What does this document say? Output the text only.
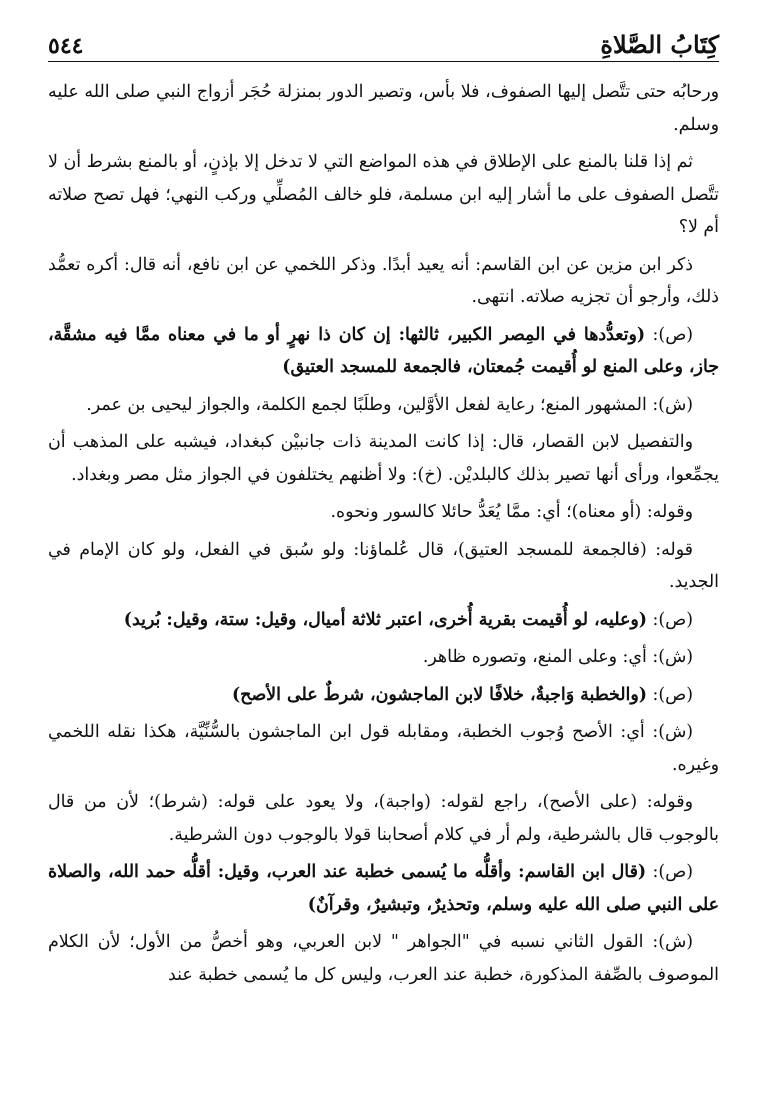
كِتَابُ الصَّلاةِ
٥٤٤

ورحابُه حتى تتَّصل إليها الصفوف، فلا بأس، وتصير الدور بمنزلة حُجَر أزواج النبي صلى الله عليه وسلم.

ثم إذا قلنا بالمنع على الإطلاق في هذه المواضع التي لا تدخل إلا بإذنٍ، أو بالمنع بشرط أن لا تتَّصل الصفوف على ما أشار إليه ابن مسلمة، فلو خالف المُصلِّي وركب النهي؛ فهل تصح صلاته أم لا؟

ذكر ابن مزين عن ابن القاسم: أنه يعيد أبدًا. وذكر اللخمي عن ابن نافع، أنه قال: أكره تعمُّد ذلك، وأرجو أن تجزيه صلاته. انتهى.

(ص): (وتعدُّدها في المِصر الكبير، ثالثها: إن كان ذا نهرٍ أو ما في معناه ممَّا فيه مشقَّة، جاز، وعلى المنع لو أُقيمت جُمعتان، فالجمعة للمسجد العتيق)

(ش): المشهور المنع؛ رعاية لفعل الأوَّلين، وطلَبًا لجمع الكلمة، والجواز ليحيى بن عمر.

والتفصيل لابن القصار، قال: إذا كانت المدينة ذات جانبيْن كبغداد، فيشبه على المذهب أن يجمِّعوا، ورأى أنها تصير بذلك كالبلديْن. (خ): ولا أظنهم يختلفون في الجواز مثل مصر وبغداد.

وقوله: (أو معناه)؛ أي: ممَّا يُعَدُّ حائلا كالسور ونحوه.

قوله: (فالجمعة للمسجد العتيق)، قال عُلماؤنا: ولو سُبق في الفعل، ولو كان الإمام في الجديد.

(ص): (وعليه، لو أُقيمت بقرية أُخرى، اعتبر ثلاثة أميال، وقيل: ستة، وقيل: بُريد)

(ش): أي: وعلى المنع، وتصوره ظاهر.

(ص): (والخطبة وَاجبةٌ، خلافًا لابن الماجشون، شرطٌ على الأصح)

(ش): أي: الأصح وُجوب الخطبة، ومقابله قول ابن الماجشون بالسُّنِّيَّة، هكذا نقله اللخمي وغيره.

وقوله: (على الأصح)، راجع لقوله: (واجبة)، ولا يعود على قوله: (شرط)؛ لأن من قال بالوجوب قال بالشرطية، ولم أر في كلام أصحابنا قولا بالوجوب دون الشرطية.

(ص): (قال ابن القاسم: وأقلُّه ما يُسمى خطبة عند العرب، وقيل: أقلُّه حمد الله، والصلاة على النبي صلى الله عليه وسلم، وتحذيرٌ، وتبشيرٌ، وقرآنٌ)

(ش): القول الثاني نسبه في "الجواهر " لابن العربي، وهو أخصُّ من الأول؛ لأن الكلام الموصوف بالصِّفة المذكورة، خطبة عند العرب، وليس كل ما يُسمى خطبة عند
